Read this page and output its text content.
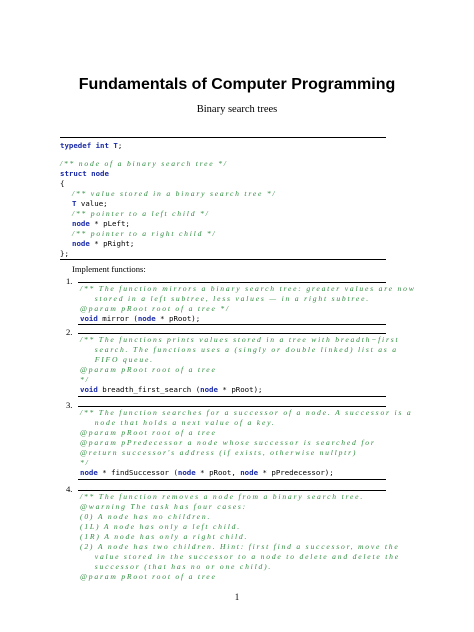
Fundamentals of Computer Programming
Binary search trees

typedef int T;

/** node of a binary search tree */

struct node

{

/** value stored in a binary search tree */

T value;

/** pointer to a left child */

node * pLeft;

/** pointer to a right child */

node * pRight;

};

Implement functions:
1.

/** The function mirrors a binary search tree: greater values are now

stored in a left subtree, less values — in a right subtree.

@param pRoot root of a tree */

void mirror (node * pRoot);

2.

/** The functions prints values stored in a tree with breadth−first

search. The functions uses a (singly or double linked) list as a

FIFO queue.

@param pRoot root of a tree

*/

void breadth_first_search (node * pRoot);

3.

/** The function searches for a successor of a node. A successor is a

node that holds a next value of a key.

@param pRoot root of a tree

@param pPredecessor a node whose successor is searched for

@return successor's address (if exists, otherwise nullptr)

*/

node * findSuccessor (node * pRoot, node * pPredecessor);

4.

/** The function removes a node from a binary search tree.

@warning The task has four cases:

(0) A node has no children.

(1L) A node has only a left child.

(1R) A node has only a right child.

(2) A node has two children. Hint: first find a successor, move the

value stored in the successor to a node to delete and delete the

successor (that has no or one child).

@param pRoot root of a tree

1
